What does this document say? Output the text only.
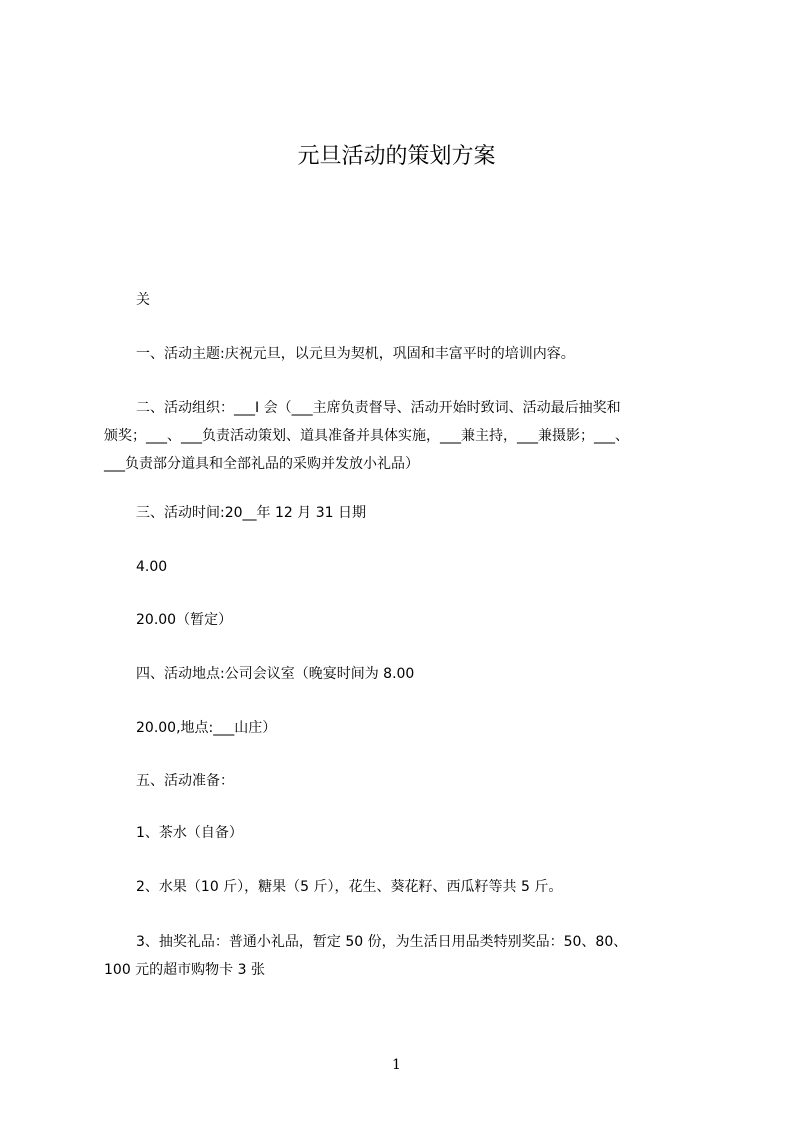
元旦活动的策划方案
关
一、活动主题:庆祝元旦，以元旦为契机，巩固和丰富平时的培训内容。
二、活动组织：___I 会（___主席负责督导、活动开始时致词、活动最后抽奖和
颁奖；___、___负责活动策划、道具准备并具体实施，___兼主持，___兼摄影；___、
___负责部分道具和全部礼品的采购并发放小礼品）
三、活动时间:20__年 12 月 31 日期
4.00
20.00（暂定）
四、活动地点:公司会议室（晚宴时间为 8.00
20.00,地点:___山庄）
五、活动准备：
1、茶水（自备）
2、水果（10 斤），糖果（5 斤），花生、葵花籽、西瓜籽等共 5 斤。
3、抽奖礼品：普通小礼品，暂定 50 份，为生活日用品类特别奖品：50、80、
100 元的超市购物卡 3 张
1
